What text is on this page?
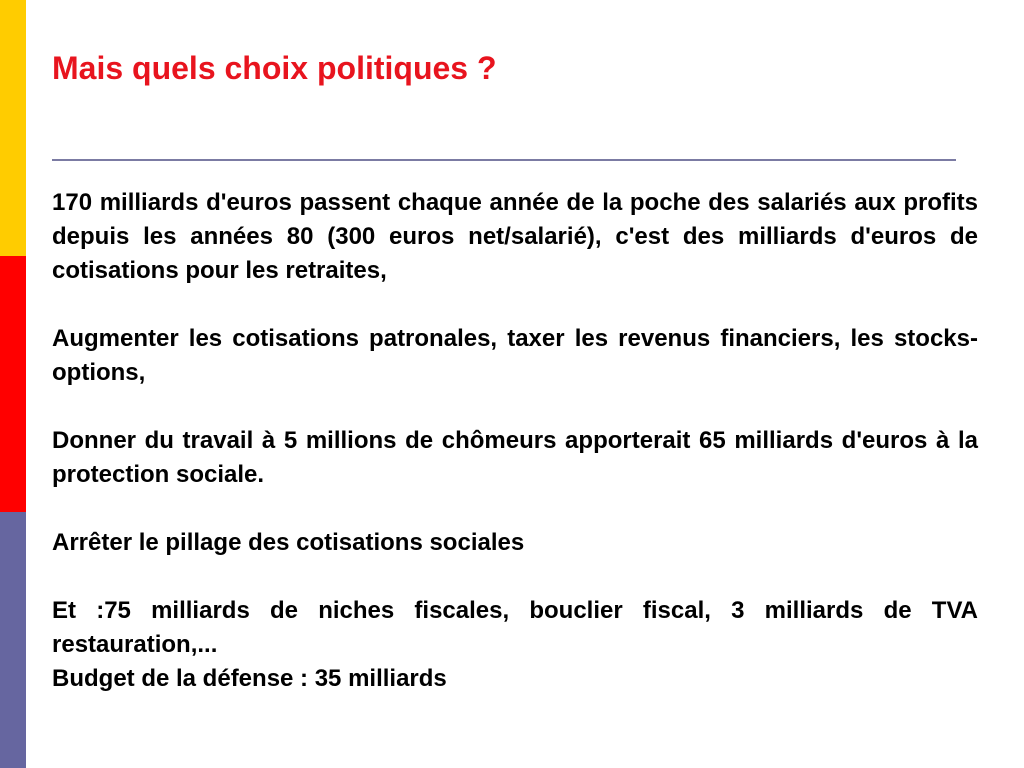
Mais quels choix politiques ?

170 milliards d'euros passent chaque année de la poche des salariés aux profits depuis les années 80 (300 euros net/salarié), c'est des milliards d'euros de cotisations pour les retraites,

Augmenter les cotisations patronales, taxer les revenus financiers, les stocks-options,

Donner du travail à 5 millions de chômeurs apporterait 65 milliards d'euros à la protection sociale.

Arrêter le pillage des cotisations sociales

Et :75 milliards de niches fiscales, bouclier fiscal, 3 milliards de TVA restauration,...

Budget de la défense : 35 milliards
